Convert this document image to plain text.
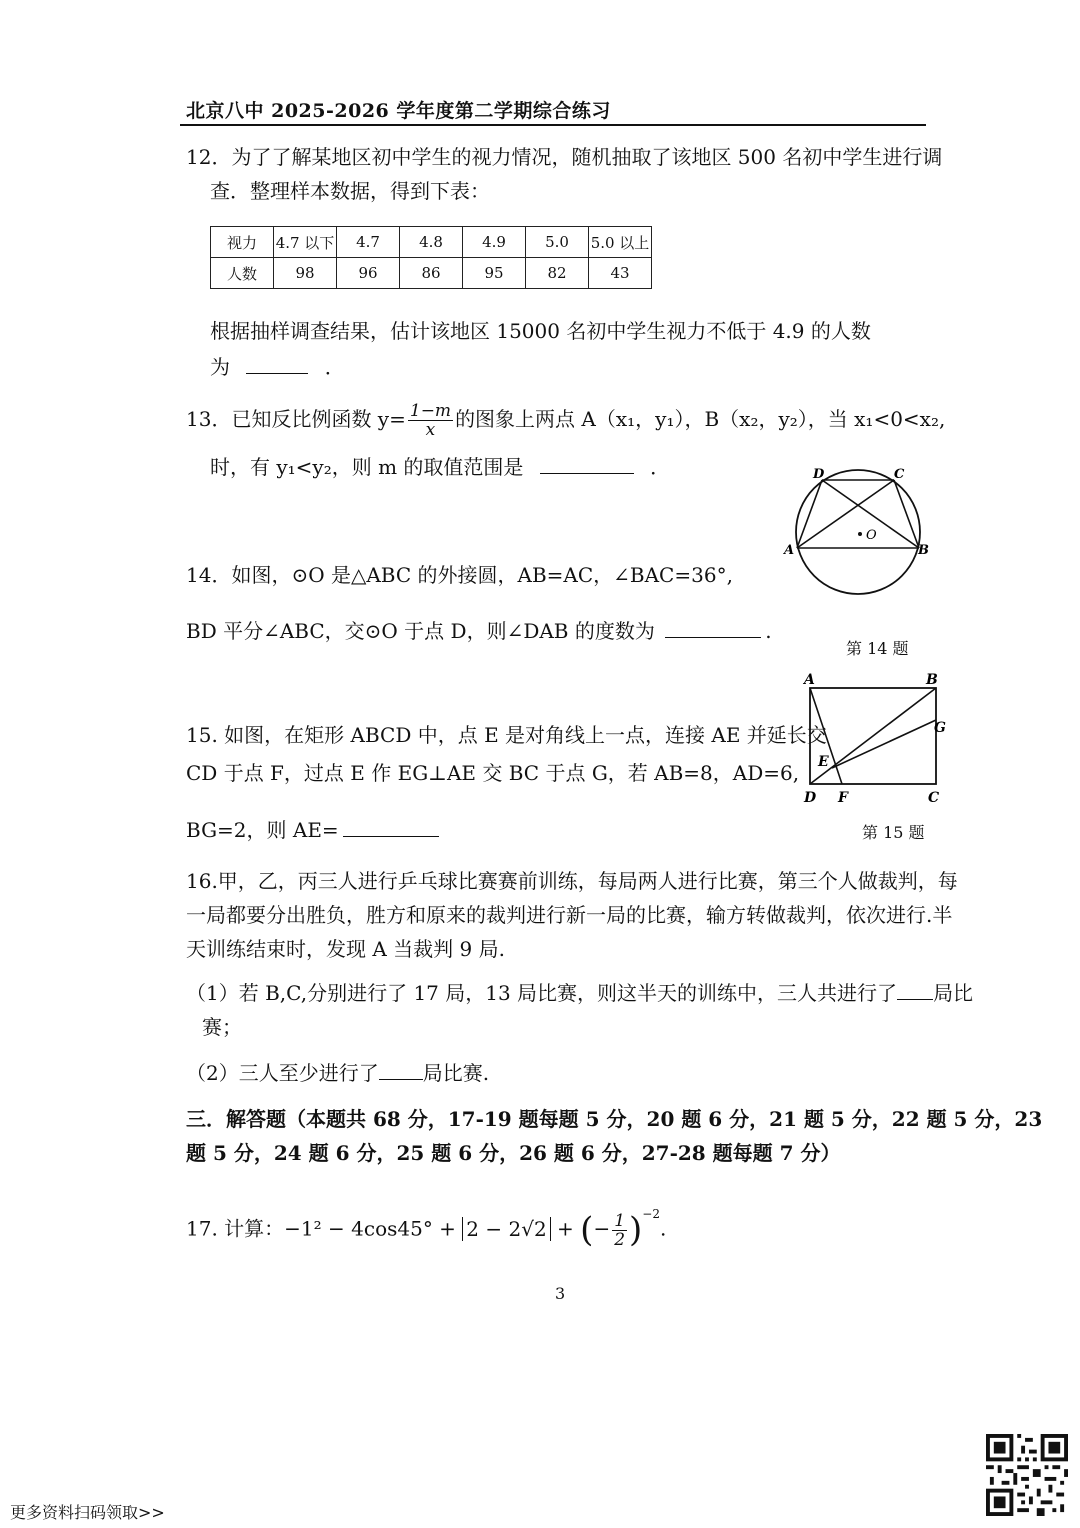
北京八中 2025-2026 学年度第二学期综合练习
12．为了了解某地区初中学生的视力情况，随机抽取了该地区 500 名初中学生进行调
查．整理样本数据，得到下表：
视力	4.7 以下	4.7	4.8	4.9	5.0	5.0 以上
人数	98	96	86	95	82	43
根据抽样调查结果，估计该地区 15000 名初中学生视力不低于 4.9 的人数
为	．
13．已知反比例函数 $y= \frac{1-m}{x}$ 的图象上两点 A（x₁，y₁），B（x₂，y₂），当 x₁<0<x₂,
时，有 y₁<y₂，则 m 的取值范围是	．
O
A	B
C
D
14．如图，⊙O 是△ABC 的外接圆，AB=AC，∠BAC=36°,
BD 平分∠ABC，交⊙O 于点 D，则∠DAB 的度数为	.
第 14 题
A	B
C
D
E
F
G
15. 如图，在矩形 ABCD 中，点 E 是对角线上一点，连接 AE 并延长交
CD 于点 F，过点 E 作 EG⊥AE 交 BC 于点 G，若 AB=8，AD=6,
BG=2，则 AE=	第 15 题
16.甲，乙，丙三人进行乒乓球比赛赛前训练，每局两人进行比赛，第三个人做裁判，每
一局都要分出胜负，胜方和原来的裁判进行新一局的比赛，输方转做裁判，依次进行.半
天训练结束时，发现 A 当裁判 9 局.
（1）若 B,C,分别进行了 17 局，13 局比赛，则这半天的训练中，三人共进行了 局比
赛；
（2）三人至少进行了 局比赛.
三．解答题（本题共 68 分，17-19 题每题 5 分，20 题 6 分，21 题 5 分，22 题 5 分，23
题 5 分，24 题 6 分，25 题 6 分，26 题 6 分，27-28 题每题 7 分）
17. 计算：−1² − 4cos45° + 2 − 2√2 + (− $\frac{1}{2} )^{-2}$.
3
更多资料扫码领取>>
